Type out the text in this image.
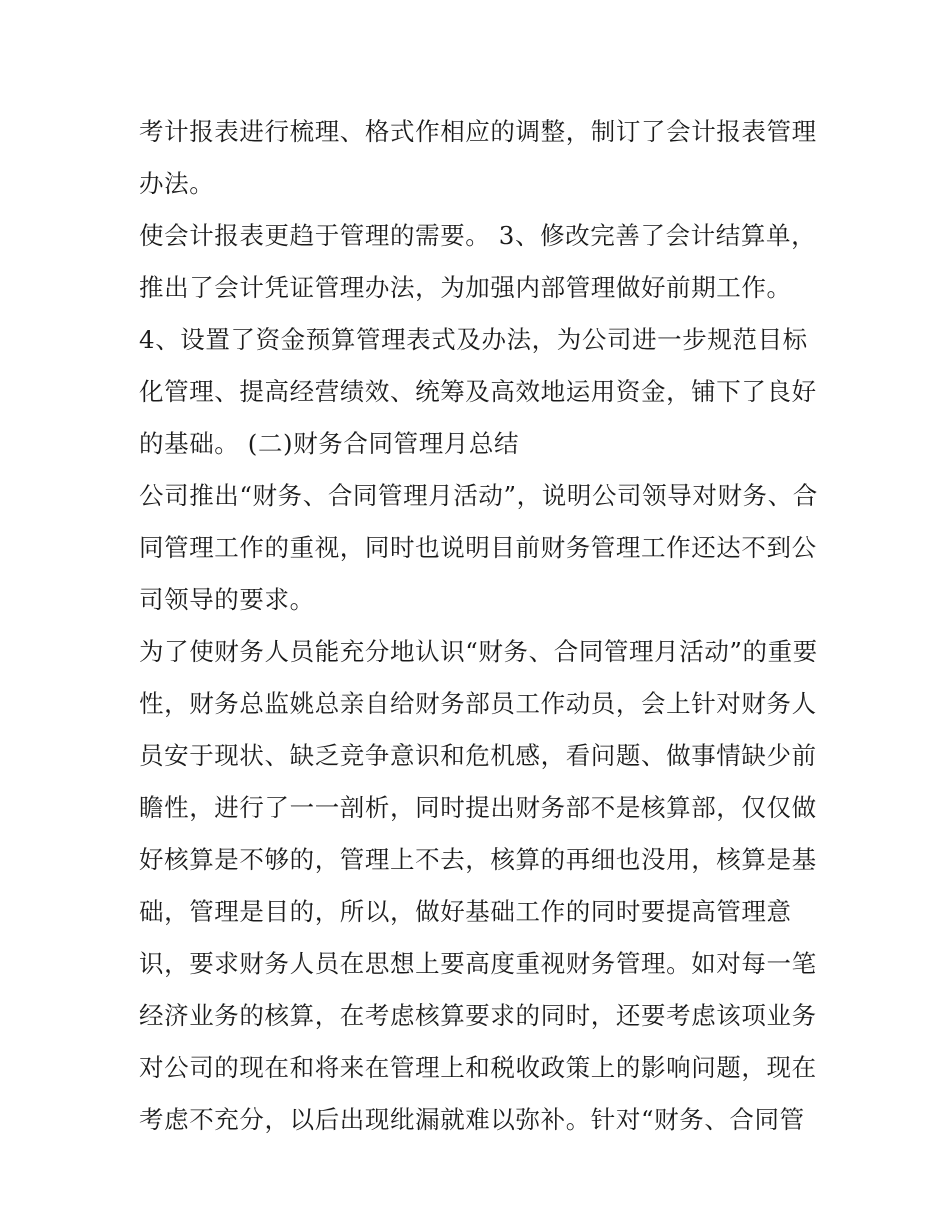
考计报表进行梳理、格式作相应的调整，制订了会计报表管理
办法。
使会计报表更趋于管理的需要。 3、修改完善了会计结算单，
推出了会计凭证管理办法，为加强内部管理做好前期工作。
4、设置了资金预算管理表式及办法，为公司进一步规范目标
化管理、提高经营绩效、统筹及高效地运用资金，铺下了良好
的基础。 (二)财务合同管理月总结
公司推出“财务、合同管理月活动”，说明公司领导对财务、合
同管理工作的重视，同时也说明目前财务管理工作还达不到公
司领导的要求。
为了使财务人员能充分地认识“财务、合同管理月活动”的重要
性，财务总监姚总亲自给财务部员工作动员，会上针对财务人
员安于现状、缺乏竞争意识和危机感，看问题、做事情缺少前
瞻性，进行了一一剖析，同时提出财务部不是核算部，仅仅做
好核算是不够的，管理上不去，核算的再细也没用，核算是基
础，管理是目的，所以，做好基础工作的同时要提高管理意
识，要求财务人员在思想上要高度重视财务管理。如对每一笔
经济业务的核算，在考虑核算要求的同时，还要考虑该项业务
对公司的现在和将来在管理上和税收政策上的影响问题，现在
考虑不充分，以后出现纰漏就难以弥补。针对“财务、合同管
